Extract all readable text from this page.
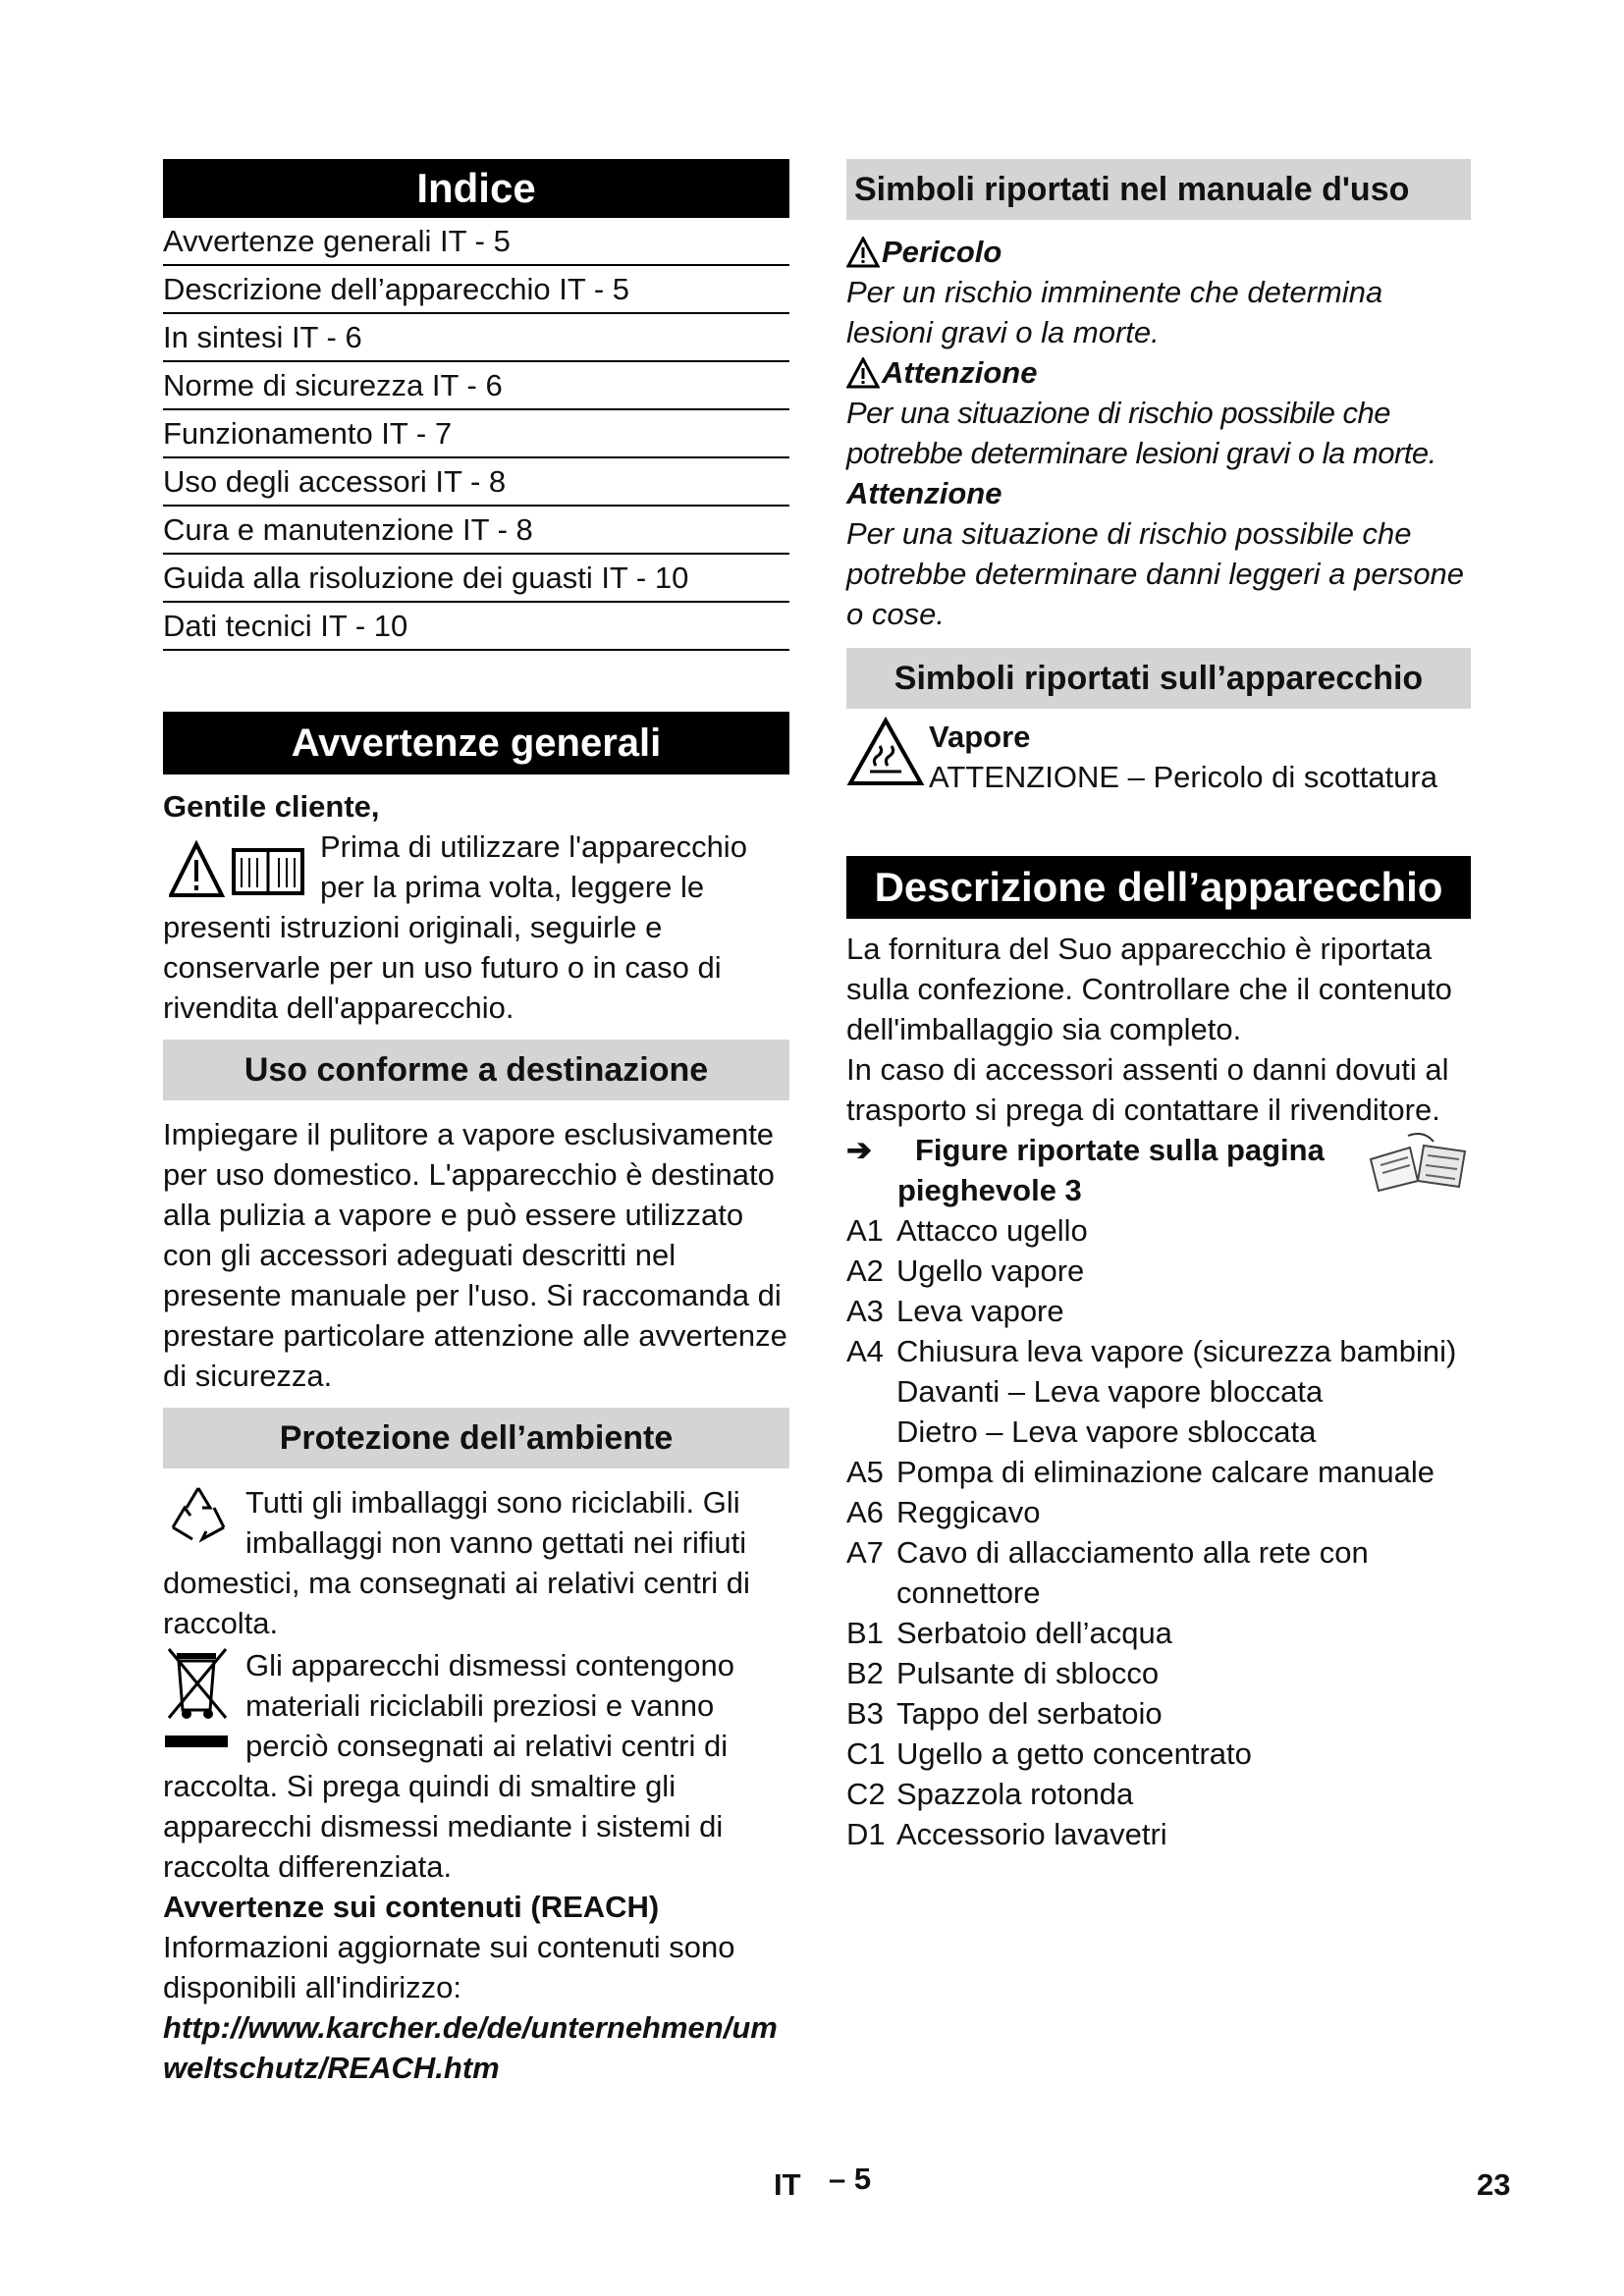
Indice
Avvertenze generali IT - 5
Descrizione dell’apparecchio IT - 5
In sintesi IT - 6
Norme di sicurezza IT - 6
Funzionamento IT - 7
Uso degli accessori IT - 8
Cura e manutenzione IT - 8
Guida alla risoluzione dei guasti IT - 10
Dati tecnici IT - 10
Avvertenze generali

Gentile cliente,

Prima di utilizzare l'apparecchio per la prima volta, leggere le

presenti istruzioni originali, seguirle e conservarle per un uso futuro o in caso di rivendita dell'apparecchio.

Uso conforme a destinazione

Impiegare il pulitore a vapore esclusivamente per uso domestico. L'apparecchio è destinato alla pulizia a vapore e può essere utilizzato con gli accessori adeguati descritti nel presente manuale per l'uso. Si raccomanda di prestare particolare attenzione alle avvertenze di sicurezza.

Protezione dell’ambiente

Tutti gli imballaggi sono riciclabili. Gli imballaggi non vanno gettati nei rifiuti domestici, ma consegnati ai relativi centri di raccolta.

Gli apparecchi dismessi contengono materiali riciclabili preziosi e vanno perciò consegnati ai relativi centri di raccolta. Si prega quindi di smaltire gli apparecchi dismessi mediante i sistemi di raccolta differenziata.

Avvertenze sui contenuti (REACH)

Informazioni aggiornate sui contenuti sono disponibili all'indirizzo:

http://www.karcher.de/de/unternehmen/umweltschutz/REACH.htm

Simboli riportati nel manuale d'uso
Pericolo

Per un rischio imminente che determina lesioni gravi o la morte.

Attenzione

Per una situazione di rischio possibile che potrebbe determinare lesioni gravi o la morte.

Attenzione

Per una situazione di rischio possibile che potrebbe determinare danni leggeri a persone o cose.

Simboli riportati sull’apparecchio

Vapore

ATTENZIONE – Pericolo di scottatura

Descrizione dell’apparecchio

La fornitura del Suo apparecchio è riportata sulla confezione. Controllare che il contenuto dell'imballaggio sia completo.

In caso di accessori assenti o danni dovuti al trasporto si prega di contattare il rivenditore.

➔	Figure riportate sulla pagina

pieghevole 3

A1 Attacco ugello
A2 Ugello vapore
A3 Leva vapore
A4 Chiusura leva vapore (sicurezza bambini)
Davanti – Leva vapore bloccata
Dietro – Leva vapore sbloccata
A5 Pompa di eliminazione calcare manuale
A6 Reggicavo
A7 Cavo di allacciamento alla rete con connettore
B1 Serbatoio dell’acqua
B2 Pulsante di sblocco
B3 Tappo del serbatoio
C1 Ugello a getto concentrato
C2 Spazzola rotonda
D1 Accessorio lavavetri
IT – 5	23
